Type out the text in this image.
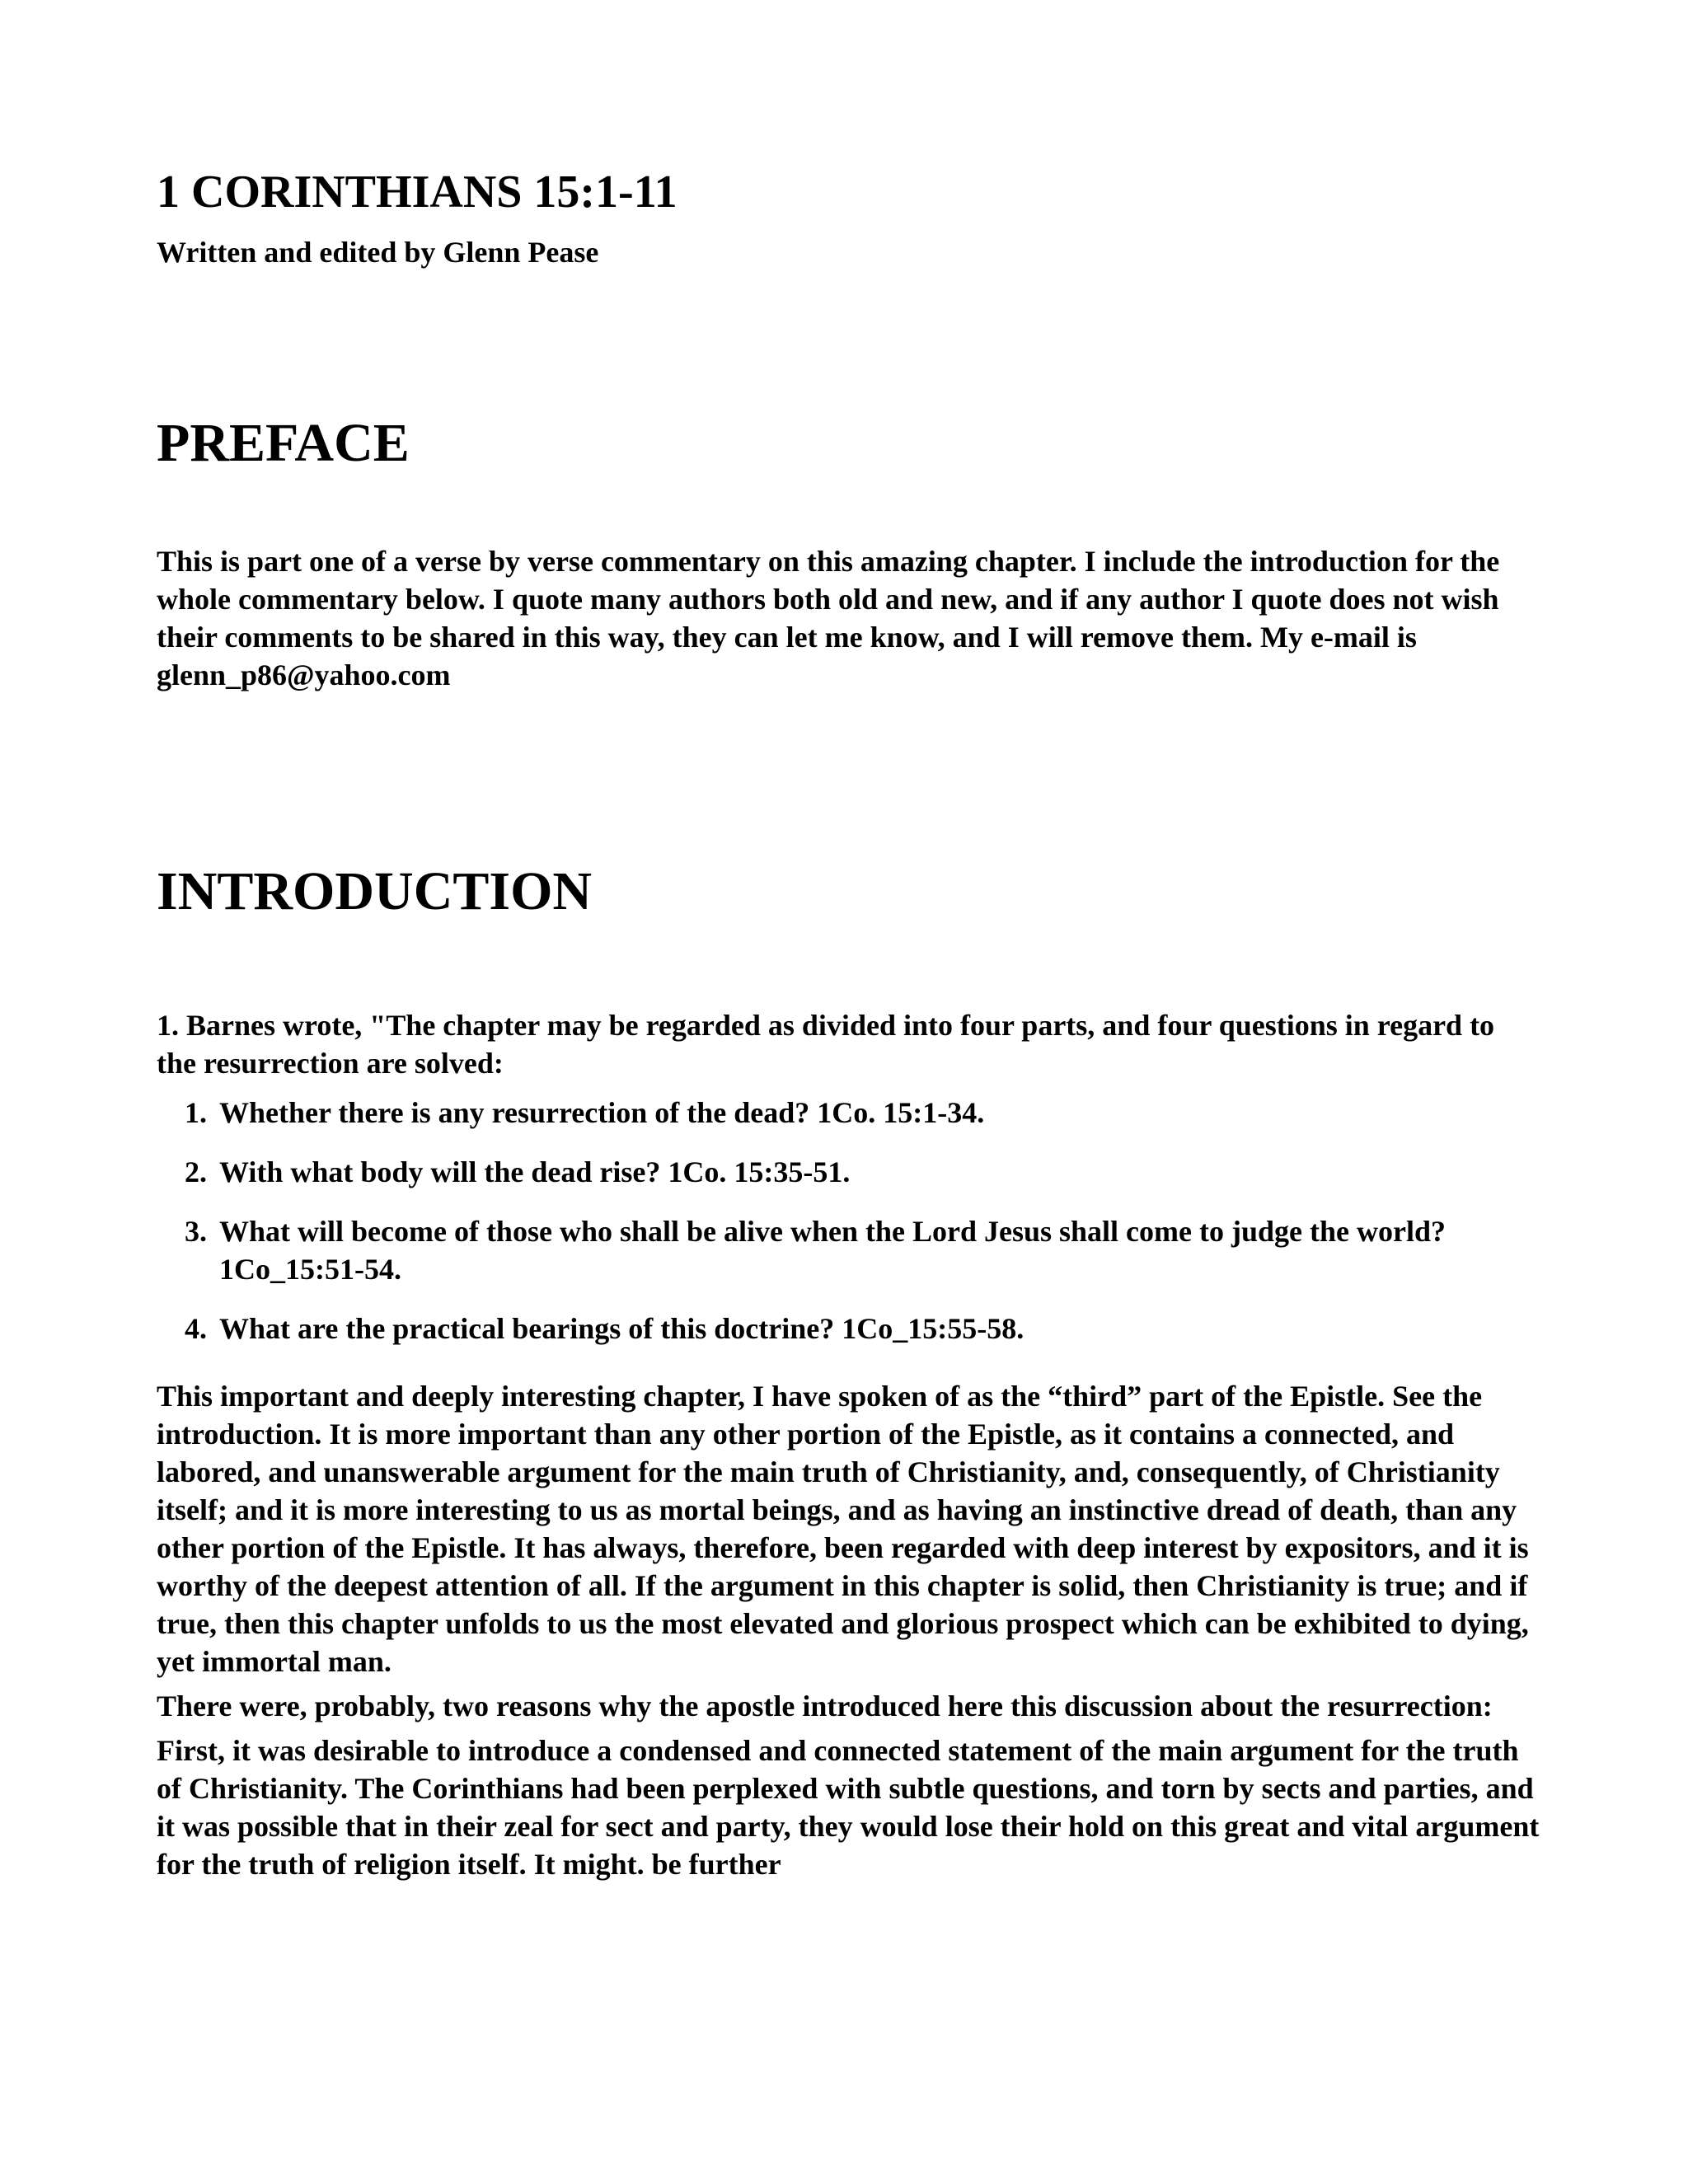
1 CORINTHIANS 15:1-11

Written and edited by Glenn Pease

PREFACE

This is part one of a verse by verse commentary on this amazing chapter. I include the introduction for the whole commentary below. I quote many authors both old and new, and if any author I quote does not wish their comments to be shared in this way, they can let me know, and I will remove them. My e-mail is glenn_p86@yahoo.com

INTRODUCTION

1. Barnes wrote, "The chapter may be regarded as divided into four parts, and four questions in regard to the resurrection are solved:

1. Whether there is any resurrection of the dead? 1Co. 15:1-34.
2. With what body will the dead rise? 1Co. 15:35-51.
3. What will become of those who shall be alive when the Lord Jesus shall come to judge the world? 1Co_15:51-54.
4. What are the practical bearings of this doctrine? 1Co_15:55-58.

This important and deeply interesting chapter, I have spoken of as the “third” part of the Epistle. See the introduction. It is more important than any other portion of the Epistle, as it contains a connected, and labored, and unanswerable argument for the main truth of Christianity, and, consequently, of Christianity itself; and it is more interesting to us as mortal beings, and as having an instinctive dread of death, than any other portion of the Epistle. It has always, therefore, been regarded with deep interest by expositors, and it is worthy of the deepest attention of all. If the argument in this chapter is solid, then Christianity is true; and if true, then this chapter unfolds to us the most elevated and glorious prospect which can be exhibited to dying, yet immortal man.

There were, probably, two reasons why the apostle introduced here this discussion about the resurrection:

First, it was desirable to introduce a condensed and connected statement of the main argument for the truth of Christianity. The Corinthians had been perplexed with subtle questions, and torn by sects and parties, and it was possible that in their zeal for sect and party, they would lose their hold on this great and vital argument for the truth of religion itself. It might. be further
